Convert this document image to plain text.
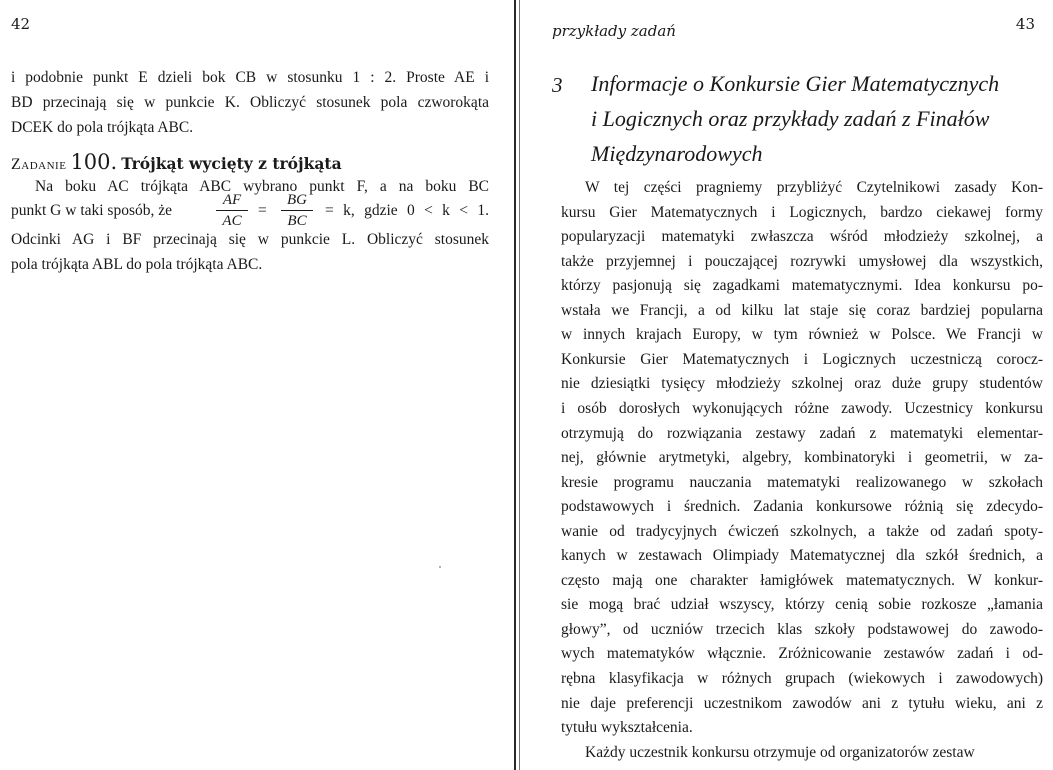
42
i podobnie punkt E dzieli bok CB w stosunku 1 : 2. Proste AE i
BD przecinają się w punkcie K. Obliczyć stosunek pola czworokąta
DCEK do pola trójkąta ABC.
Zadanie 100. Trójkąt wycięty z trójkąta
Na boku AC trójkąta ABC wybrano punkt F, a na boku BC
punkt G w taki sposób, że	$\frac{AF}{AC} = \frac{BG}{BC} = k$, gdzie 0 < k < 1.
Odcinki AG i BF przecinają się w punkcie L. Obliczyć stosunek
pola trójkąta ABL do pola trójkąta ABC.
przykłady zadań	43
3 Informacje o Konkursie Gier Matematycznych
i Logicznych oraz przykłady zadań z Finałów
Międzynarodowych
W tej części pragniemy przybliżyć Czytelnikowi zasady Kon-
kursu Gier Matematycznych i Logicznych, bardzo ciekawej formy
popularyzacji matematyki zwłaszcza wśród młodzieży szkolnej, a
także przyjemnej i pouczającej rozrywki umysłowej dla wszystkich,
którzy pasjonują się zagadkami matematycznymi. Idea konkursu po-
wstała we Francji, a od kilku lat staje się coraz bardziej popularna
w innych krajach Europy, w tym również w Polsce. We Francji w
Konkursie Gier Matematycznych i Logicznych uczestniczą corocz-
nie dziesiątki tysięcy młodzieży szkolnej oraz duże grupy studentów
i osób dorosłych wykonujących różne zawody. Uczestnicy konkursu
otrzymują do rozwiązania zestawy zadań z matematyki elementar-
nej, głównie arytmetyki, algebry, kombinatoryki i geometrii, w za-
kresie programu nauczania matematyki realizowanego w szkołach
podstawowych i średnich. Zadania konkursowe różnią się zdecydo-
wanie od tradycyjnych ćwiczeń szkolnych, a także od zadań spoty-
kanych w zestawach Olimpiady Matematycznej dla szkół średnich, a
często mają one charakter łamigłówek matematycznych. W konkur-
sie mogą brać udział wszyscy, którzy cenią sobie rozkosze „łamania
głowy”, od uczniów trzecich klas szkoły podstawowej do zawodo-
wych matematyków włącznie. Zróżnicowanie zestawów zadań i od-
rębna klasyfikacja w różnych grupach (wiekowych i zawodowych)
nie daje preferencji uczestnikom zawodów ani z tytułu wieku, ani z
tytułu wykształcenia.
Każdy uczestnik konkursu otrzymuje od organizatorów zestaw
